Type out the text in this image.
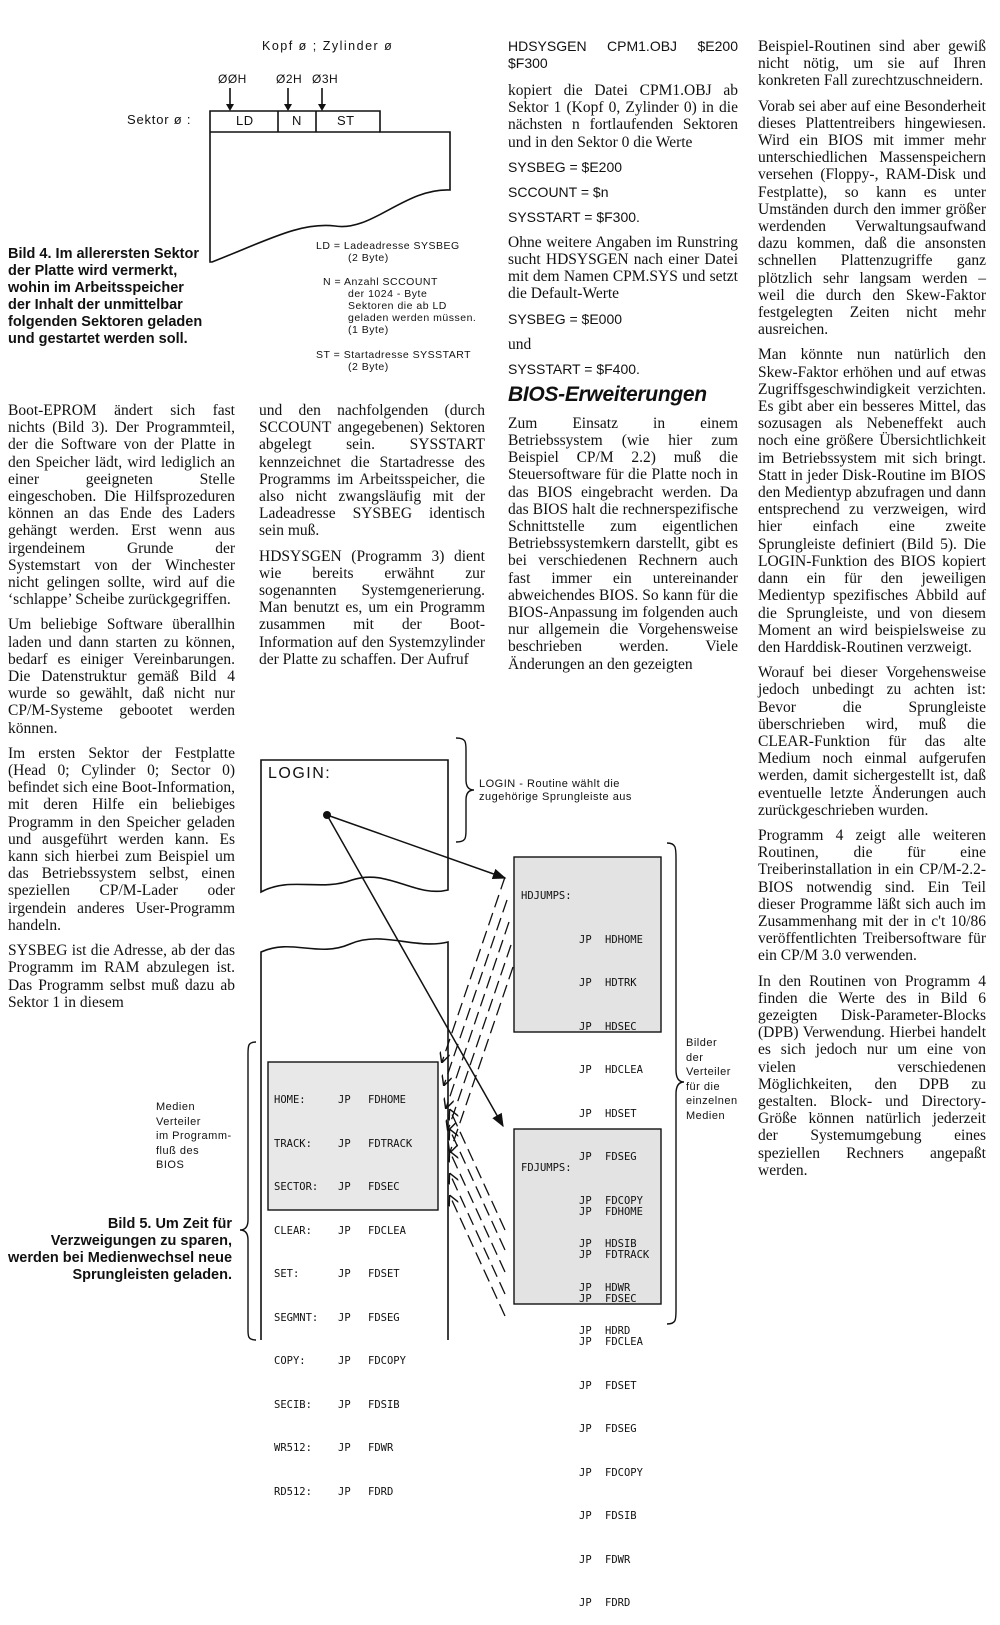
Kopf ø ; Zylinder ø
ØØH Ø2H Ø3H
Sektor ø :	LD	N	ST
LD = Ladeadresse SYSBEG
(2 Byte)
N = Anzahl SCCOUNT
der 1024 - Byte
Sektoren die ab LD
geladen werden müssen.
(1 Byte)
ST = Startadresse SYSSTART
(2 Byte)
Bild 4. Im allerersten Sektor der Platte wird vermerkt, wohin im Arbeitsspeicher der Inhalt der unmittelbar folgenden Sektoren geladen und gestartet werden soll.

Boot-EPROM ändert sich fast nichts (Bild 3). Der Programmteil, der die Software von der Platte in den Speicher lädt, wird lediglich an einer geeigneten Stelle eingeschoben. Die Hilfsprozeduren können an das Ende des Laders gehängt werden. Erst wenn aus irgendeinem Grunde der Systemstart von der Winchester nicht gelingen sollte, wird auf die ‘schlappe’ Scheibe zurückgegriffen.

Um beliebige Software überallhin laden und dann starten zu können, bedarf es einiger Vereinbarungen. Die Datenstruktur gemäß Bild 4 wurde so gewählt, daß nicht nur CP/M-Systeme gebootet werden können.

Im ersten Sektor der Festplatte (Head 0; Cylinder 0; Sector 0) befindet sich eine Boot-Information, mit deren Hilfe ein beliebiges Programm in den Speicher geladen und ausgeführt werden kann. Es kann sich hierbei zum Beispiel um das Betriebssystem selbst, einen speziellen CP/M-Lader oder irgendein anderes User-Programm handeln.

SYSBEG ist die Adresse, ab der das Programm im RAM abzulegen ist. Das Programm selbst muß dazu ab Sektor 1 in diesem

und den nachfolgenden (durch SCCOUNT angegebenen) Sektoren abgelegt sein. SYSSTART kennzeichnet die Startadresse des Programms im Arbeitsspeicher, die also nicht zwangsläufig mit der Ladeadresse SYSBEG identisch sein muß.

HDSYSGEN (Programm 3) dient wie bereits erwähnt zur sogenannten Systemgenerierung. Man benutzt es, um ein Programm zusammen mit der Boot-Information auf den Systemzylinder der Platte zu schaffen. Der Aufruf

HDSYSGEN CPM1.OBJ $E200 $F300

kopiert die Datei CPM1.OBJ ab Sektor 1 (Kopf 0, Zylinder 0) in die nächsten n fortlaufenden Sektoren und in den Sektor 0 die Werte

SYSBEG = $E200

SCCOUNT = $n

SYSSTART = $F300.

Ohne weitere Angaben im Runstring sucht HDSYSGEN nach einer Datei mit dem Namen CPM.SYS und setzt die Default-Werte

SYSBEG = $E000

und

SYSSTART = $F400.

BIOS-Erweiterungen

Zum Einsatz in einem Betriebssystem (wie hier zum Beispiel CP/M 2.2) muß die Steuersoftware für die Platte noch in das BIOS eingebracht werden. Da das BIOS halt die rechnerspezifische Schnittstelle zum eigentlichen Betriebssystemkern darstellt, gibt es bei verschiedenen Rechnern auch fast immer ein untereinander abweichendes BIOS. So kann für die BIOS-Anpassung im folgenden auch nur allgemein die Vorgehensweise beschrieben werden. Viele Änderungen an den gezeigten

Beispiel-Routinen sind aber gewiß nicht nötig, um sie auf Ihren konkreten Fall zurechtzuschneidern.

Vorab sei aber auf eine Besonderheit dieses Plattentreibers hingewiesen. Wird ein BIOS mit immer mehr unterschiedlichen Massenspeichern versehen (Floppy-, RAM-Disk und Festplatte), so kann es unter Umständen durch den immer größer werdenden Verwaltungsaufwand dazu kommen, daß die ansonsten schnellen Plattenzugriffe ganz plötzlich sehr langsam werden – weil die durch den Skew-Faktor festgelegten Zeiten nicht mehr ausreichen.

Man könnte nun natürlich den Skew-Faktor erhöhen und auf etwas Zugriffsgeschwindigkeit verzichten. Es gibt aber ein besseres Mittel, das sozusagen als Nebeneffekt auch noch eine größere Übersichtlichkeit im Betriebssystem mit sich bringt. Statt in jeder Disk-Routine im BIOS den Medientyp abzufragen und dann entsprechend zu verzweigen, wird hier einfach eine zweite Sprungleiste definiert (Bild 5). Die LOGIN-Funktion des BIOS kopiert dann ein für den jeweiligen Medientyp spezifisches Abbild auf die Sprungleiste, und von diesem Moment an wird beispielsweise zu den Harddisk-Routinen verzweigt.

Worauf bei dieser Vorgehensweise jedoch unbedingt zu achten ist: Bevor die Sprungleiste überschrieben wird, muß die CLEAR-Funktion für das alte Medium noch einmal aufgerufen werden, damit sichergestellt ist, daß eventuelle letzte Änderungen auch zurückgeschrieben wurden.

Programm 4 zeigt alle weiteren Routinen, die für eine Treiberinstallation in ein CP/M-2.2-BIOS notwendig sind. Ein Teil dieser Programme läßt sich auch im Zusammenhang mit der in c't 10/86 veröffentlichten Treibersoftware für ein CP/M 3.0 verwenden.

In den Routinen von Programm 4 finden die Werte des in Bild 6 gezeigten Disk-Parameter-Blocks (DPB) Verwendung. Hierbei handelt es sich jedoch nur um eine von vielen verschiedenen Möglichkeiten, den DPB zu gestalten. Block- und Directory-Größe können natürlich jederzeit der Systemumgebung eines speziellen Rechners angepaßt werden.

LOGIN:
LOGIN - Routine wählt die
zugehörige Sprungleiste aus

HOME:	JP FDHOME

TRACK: JP FDTRACK

SECTOR: JP FDSEC

CLEAR: JP FDCLEA

SET:	JP FDSET

SEGMNT: JP FDSEG

COPY:	JP FDCOPY

SECIB: JP FDSIB

WR512: JP FDWR

RD512: JP FDRD

HDJUMPS:

JP HDHOME

JP HDTRK

JP HDSEC

JP HDCLEA

JP HDSET

JP FDSEG

JP FDCOPY

JP HDSIB

JP HDWR

JP HDRD

FDJUMPS:

JP FDHOME

JP FDTRACK

JP FDSEC

JP FDCLEA

JP FDSET

JP FDSEG

JP FDCOPY

JP FDSIB

JP FDWR

JP FDRD

Medien
Verteiler
im Programm-
fluß des
BIOS
Bilder
der
Verteiler
für die
einzelnen
Medien
Bild 5. Um Zeit für Verzweigungen zu sparen, werden bei Medienwechsel neue Sprungleisten geladen.
